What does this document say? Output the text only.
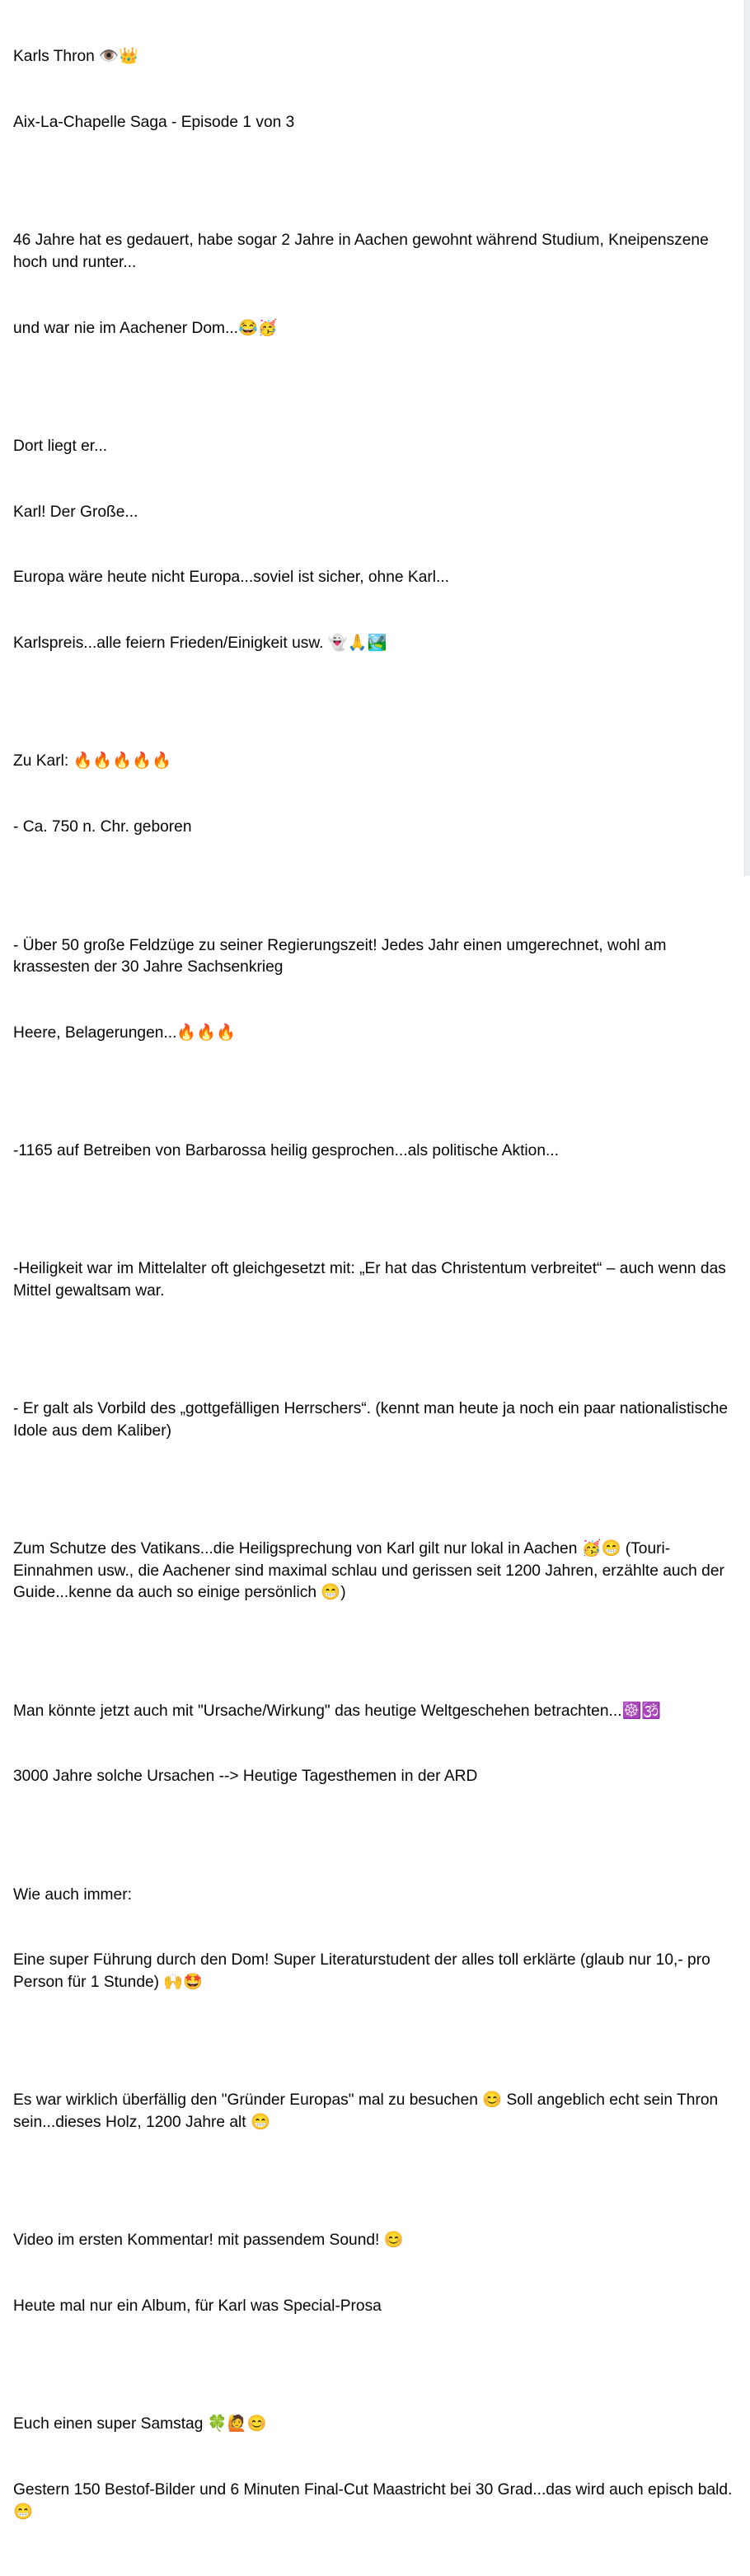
Karls Thron 👁️👑

Aix-La-Chapelle Saga - Episode 1 von 3

46 Jahre hat es gedauert, habe sogar 2 Jahre in Aachen gewohnt während Studium, Kneipenszene hoch und runter...

und war nie im Aachener Dom...😂🥳

Dort liegt er...

Karl! Der Große...

Europa wäre heute nicht Europa...soviel ist sicher, ohne Karl...

Karlspreis...alle feiern Frieden/Einigkeit usw. 👻🙏🏞️

Zu Karl: 🔥🔥🔥🔥🔥

- Ca. 750 n. Chr. geboren

- Über 50 große Feldzüge zu seiner Regierungszeit! Jedes Jahr einen umgerechnet, wohl am krassesten der 30 Jahre Sachsenkrieg

Heere, Belagerungen...🔥🔥🔥

-1165 auf Betreiben von Barbarossa heilig gesprochen...als politische Aktion...

-Heiligkeit war im Mittelalter oft gleichgesetzt mit: „Er hat das Christentum verbreitet“ – auch wenn das Mittel gewaltsam war.

- Er galt als Vorbild des „gottgefälligen Herrschers“. (kennt man heute ja noch ein paar nationalistische Idole aus dem Kaliber)

Zum Schutze des Vatikans...die Heiligsprechung von Karl gilt nur lokal in Aachen 🥳😁 (Touri-Einnahmen usw., die Aachener sind maximal schlau und gerissen seit 1200 Jahren, erzählte auch der Guide...kenne da auch so einige persönlich 😁)

Man könnte jetzt auch mit "Ursache/Wirkung" das heutige Weltgeschehen betrachten...☸️🕉️

3000 Jahre solche Ursachen --> Heutige Tagesthemen in der ARD

Wie auch immer:

Eine super Führung durch den Dom! Super Literaturstudent der alles toll erklärte (glaub nur 10,- pro Person für 1 Stunde) 🙌🤩

Es war wirklich überfällig den "Gründer Europas" mal zu besuchen 😊 Soll angeblich echt sein Thron sein...dieses Holz, 1200 Jahre alt 😁

Video im ersten Kommentar! mit passendem Sound! 😊

Heute mal nur ein Album, für Karl was Special-Prosa

Euch einen super Samstag 🍀🙋😊

Gestern 150 Bestof-Bilder und 6 Minuten Final-Cut Maastricht bei 30 Grad...das wird auch episch bald. 😁
